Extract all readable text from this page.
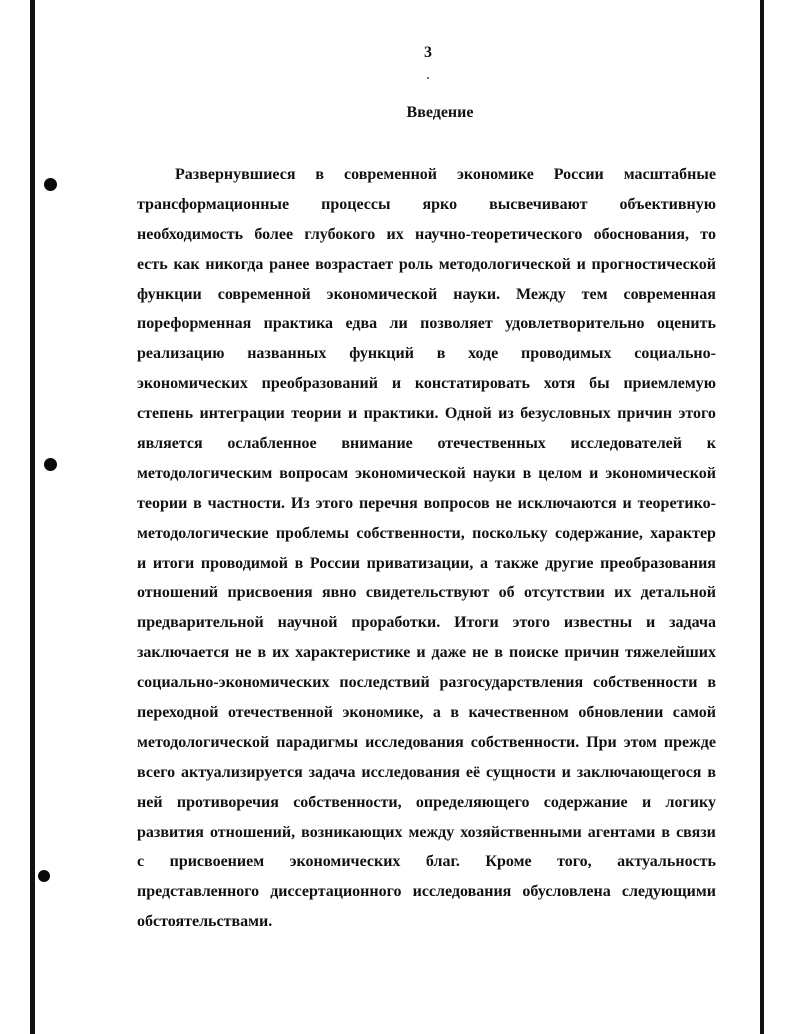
3
Введение
Развернувшиеся в современной экономике России масштабные
трансформационные процессы ярко высвечивают объективную
необходимость более глубокого их научно-теоретического обоснования, то
есть как никогда ранее возрастает роль методологической и прогностической
функции современной экономической науки. Между тем современная
пореформенная практика едва ли позволяет удовлетворительно оценить
реализацию названных функций в ходе проводимых социально-
экономических преобразований и констатировать хотя бы приемлемую
степень интеграции теории и практики. Одной из безусловных причин этого
является ослабленное внимание отечественных исследователей к
методологическим вопросам экономической науки в целом и экономической
теории в частности. Из этого перечня вопросов не исключаются и теоретико-
методологические проблемы собственности, поскольку содержание, характер
и итоги проводимой в России приватизации, а также другие преобразования
отношений присвоения явно свидетельствуют об отсутствии их детальной
предварительной научной проработки. Итоги этого известны и задача
заключается не в их характеристике и даже не в поиске причин тяжелейших
социально-экономических последствий разгосударствления собственности в
переходной отечественной экономике, а в качественном обновлении самой
методологической парадигмы исследования собственности. При этом прежде
всего актуализируется задача исследования её сущности и заключающегося в
ней противоречия собственности, определяющего содержание и логику
развития отношений, возникающих между хозяйственными агентами в связи
с присвоением экономических благ. Кроме того, актуальность
представленного диссертационного исследования обусловлена следующими
обстоятельствами.
